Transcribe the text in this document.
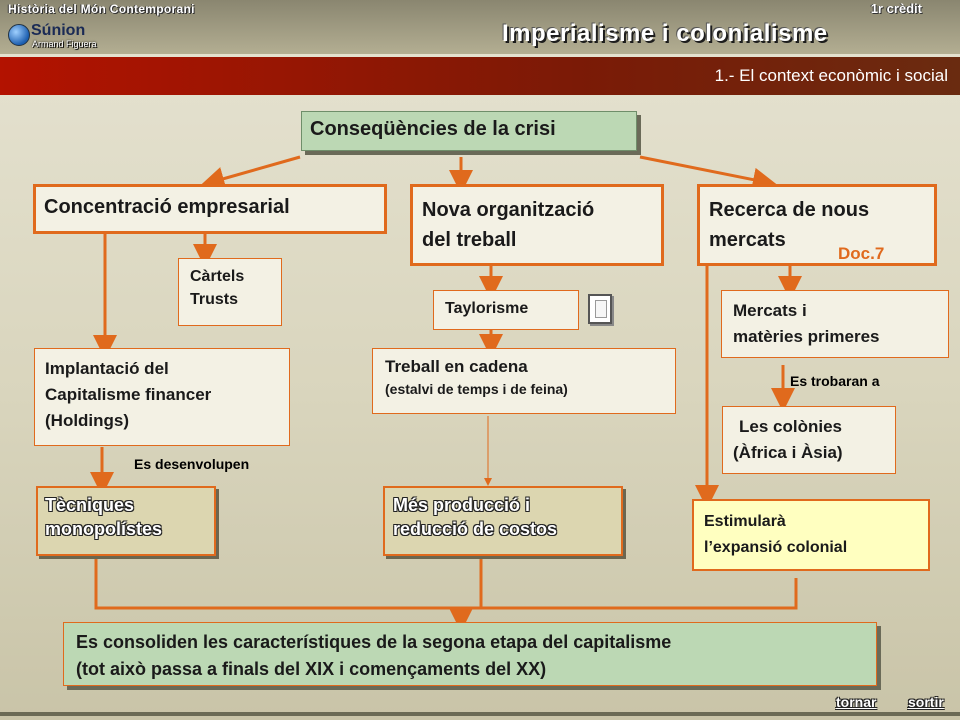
Història del Món Contemporani	1r crèdit
Súnion
Armand Figuera	Imperialisme i colonialisme
1.- El context econòmic i social
Conseqüències de la crisi
Concentració empresarial
Càrtels
Trusts
Implantació del
Capitalisme financer
(Holdings)
Es desenvolupen
Tècniques
monopolístes
Nova organització
del treball
Taylorisme
Treball en cadena
(estalvi de temps i de feina)
Més producció i
reducció de costos
Recerca de nous
mercats
Doc.7
Mercats i
matèries primeres
Es trobaran a
Les colònies
(Àfrica i Àsia)
Estimularà
l’expansió colonial
Es consoliden les característiques de la segona etapa del capitalisme
(tot això passa a finals del XIX i començaments del XX)
tornar sortir
